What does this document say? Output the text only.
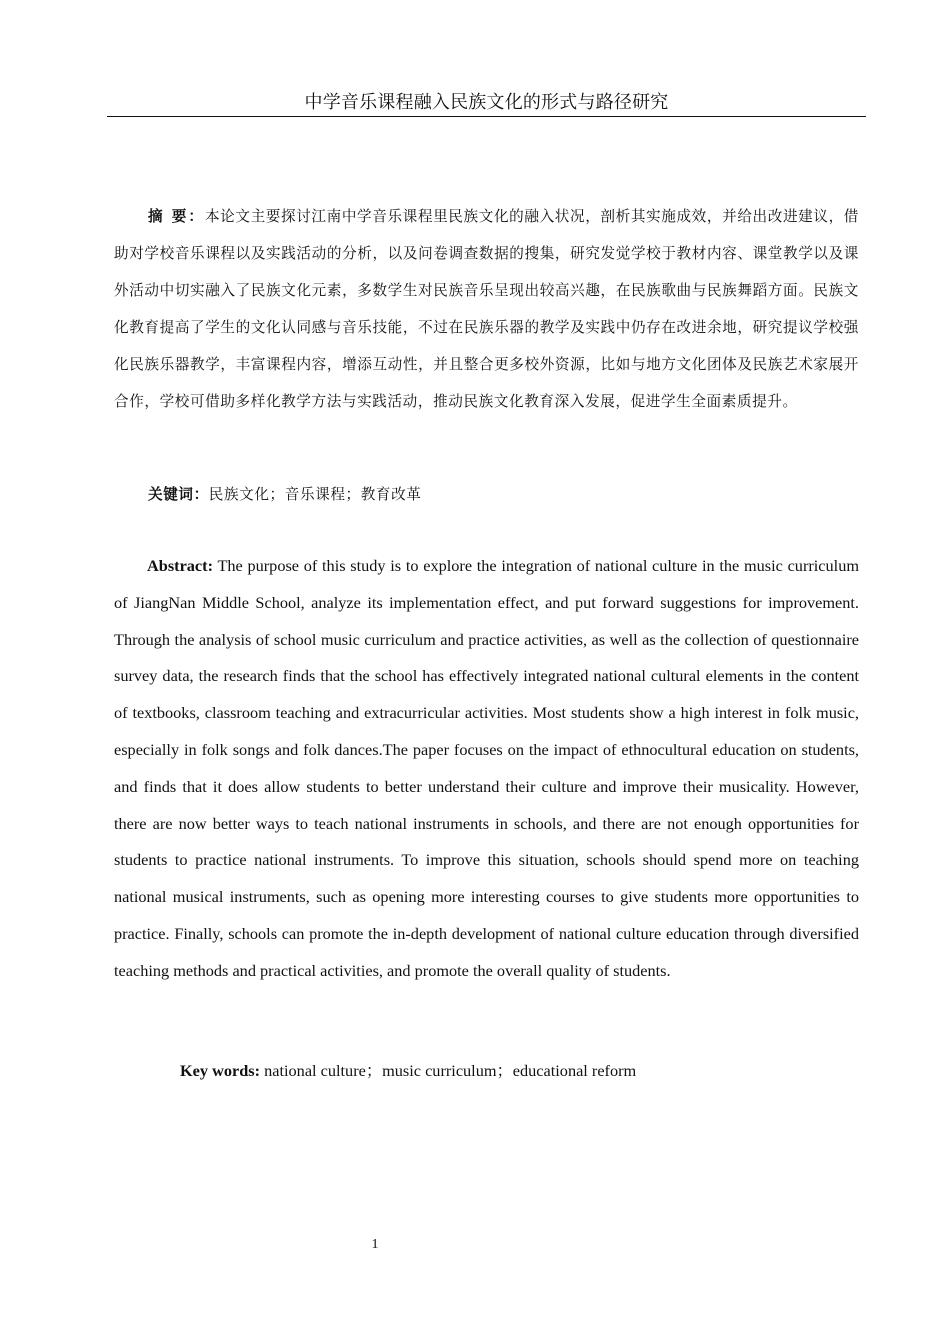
中学音乐课程融入民族文化的形式与路径研究

摘 要：本论文主要探讨江南中学音乐课程里民族文化的融入状况，剖析其实施成效，并给出改进建议，借助对学校音乐课程以及实践活动的分析，以及问卷调查数据的搜集，研究发觉学校于教材内容、课堂教学以及课外活动中切实融入了民族文化元素，多数学生对民族音乐呈现出较高兴趣，在民族歌曲与民族舞蹈方面。民族文化教育提高了学生的文化认同感与音乐技能，不过在民族乐器的教学及实践中仍存在改进余地，研究提议学校强化民族乐器教学，丰富课程内容，增添互动性，并且整合更多校外资源，比如与地方文化团体及民族艺术家展开合作，学校可借助多样化教学方法与实践活动，推动民族文化教育深入发展，促进学生全面素质提升。

关键词：民族文化；音乐课程；教育改革

Abstract: The purpose of this study is to explore the integration of national culture in the music curriculum of JiangNan Middle School, analyze its implementation effect, and put forward suggestions for improvement. Through the analysis of school music curriculum and practice activities, as well as the collection of questionnaire survey data, the research finds that the school has effectively integrated national cultural elements in the content of textbooks, classroom teaching and extracurricular activities. Most students show a high interest in folk music, especially in folk songs and folk dances.The paper focuses on the impact of ethnocultural education on students, and finds that it does allow students to better understand their culture and improve their musicality. However, there are now better ways to teach national instruments in schools, and there are not enough opportunities for students to practice national instruments. To improve this situation, schools should spend more on teaching national musical instruments, such as opening more interesting courses to give students more opportunities to practice. Finally, schools can promote the in-depth development of national culture education through diversified teaching methods and practical activities, and promote the overall quality of students.

Key words: national culture；music curriculum；educational reform
1
